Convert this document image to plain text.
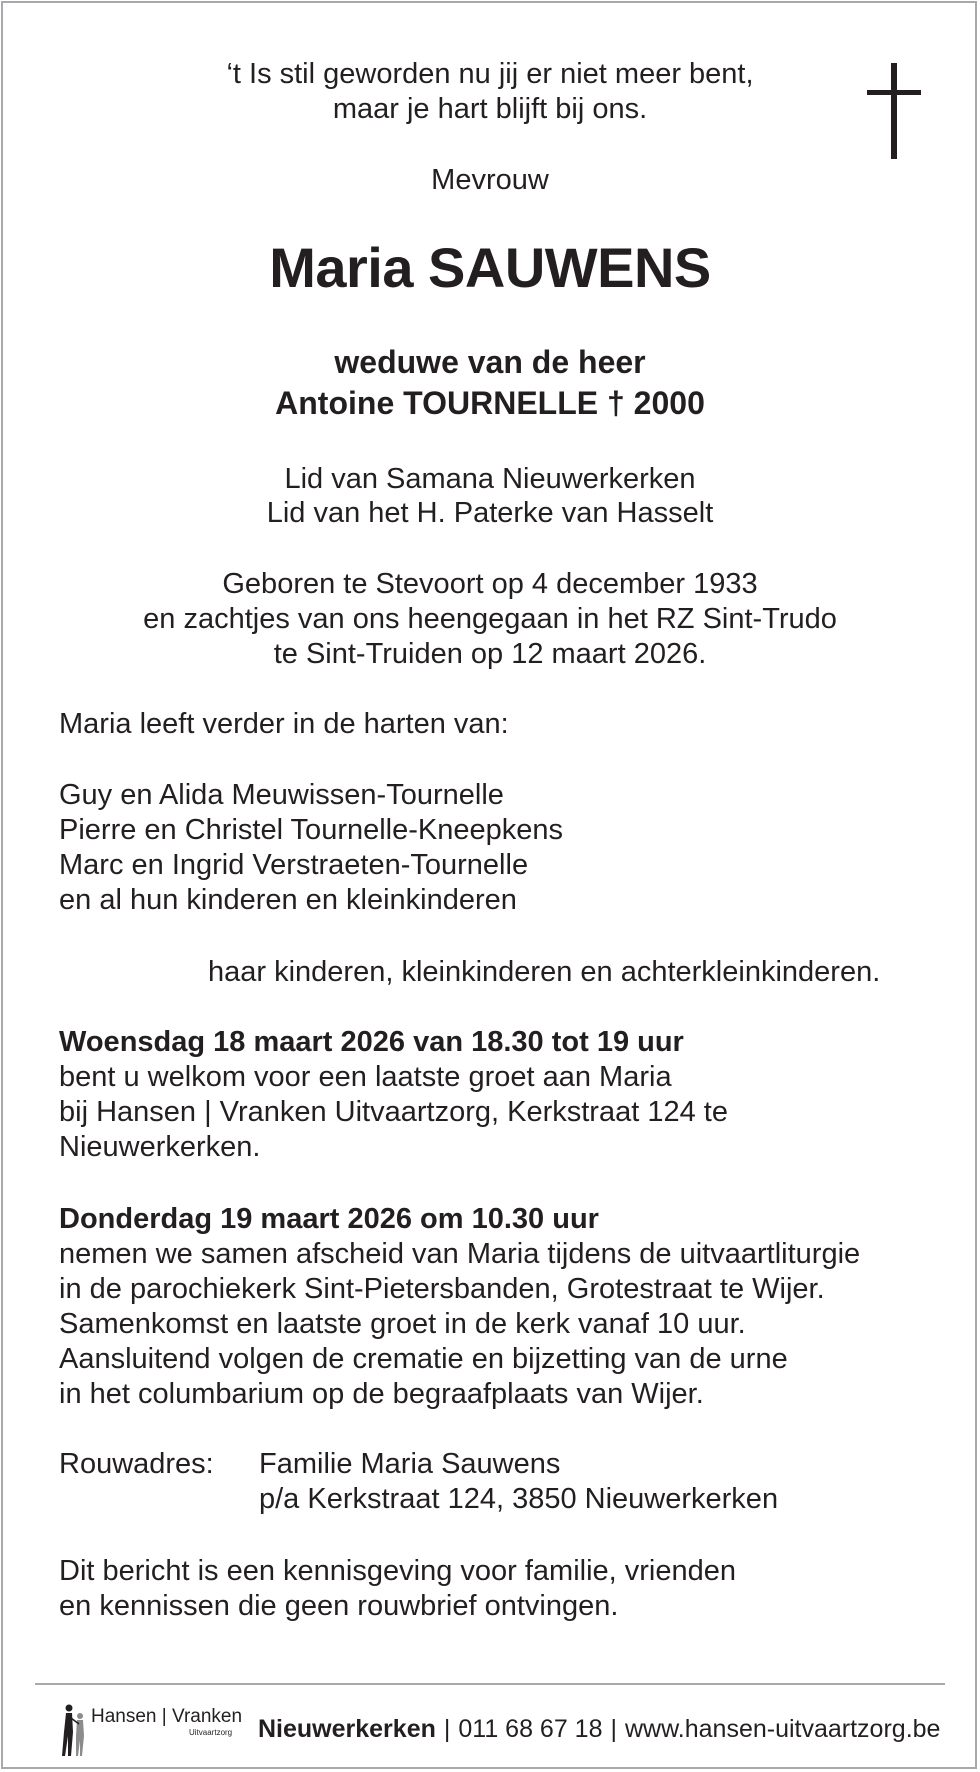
‘t Is stil geworden nu jij er niet meer bent,
maar je hart blijft bij ons.
Mevrouw
Maria SAUWENS
weduwe van de heer
Antoine TOURNELLE † 2000
Lid van Samana Nieuwerkerken
Lid van het H. Paterke van Hasselt
Geboren te Stevoort op 4 december 1933
en zachtjes van ons heengegaan in het RZ Sint-Trudo
te Sint-Truiden op 12 maart 2026.
Maria leeft verder in de harten van:
Guy en Alida Meuwissen-Tournelle
Pierre en Christel Tournelle-Kneepkens
Marc en Ingrid Verstraeten-Tournelle
en al hun kinderen en kleinkinderen
haar kinderen, kleinkinderen en achterkleinkinderen.
Woensdag 18 maart 2026 van 18.30 tot 19 uur
bent u welkom voor een laatste groet aan Maria
bij Hansen | Vranken Uitvaartzorg, Kerkstraat 124 te
Nieuwerkerken.
Donderdag 19 maart 2026 om 10.30 uur
nemen we samen afscheid van Maria tijdens de uitvaartliturgie
in de parochiekerk Sint-Pietersbanden, Grotestraat te Wijer.
Samenkomst en laatste groet in de kerk vanaf 10 uur.
Aansluitend volgen de crematie en bijzetting van de urne
in het columbarium op de begraafplaats van Wijer.
Rouwadres: Familie Maria Sauwens
p/a Kerkstraat 124, 3850 Nieuwerkerken
Dit bericht is een kennisgeving voor familie, vrienden
en kennissen die geen rouwbrief ontvingen.
Hansen | Vranken
Uitvaartzorg Nieuwerkerken | 011 68 67 18 | www.hansen-uitvaartzorg.be
